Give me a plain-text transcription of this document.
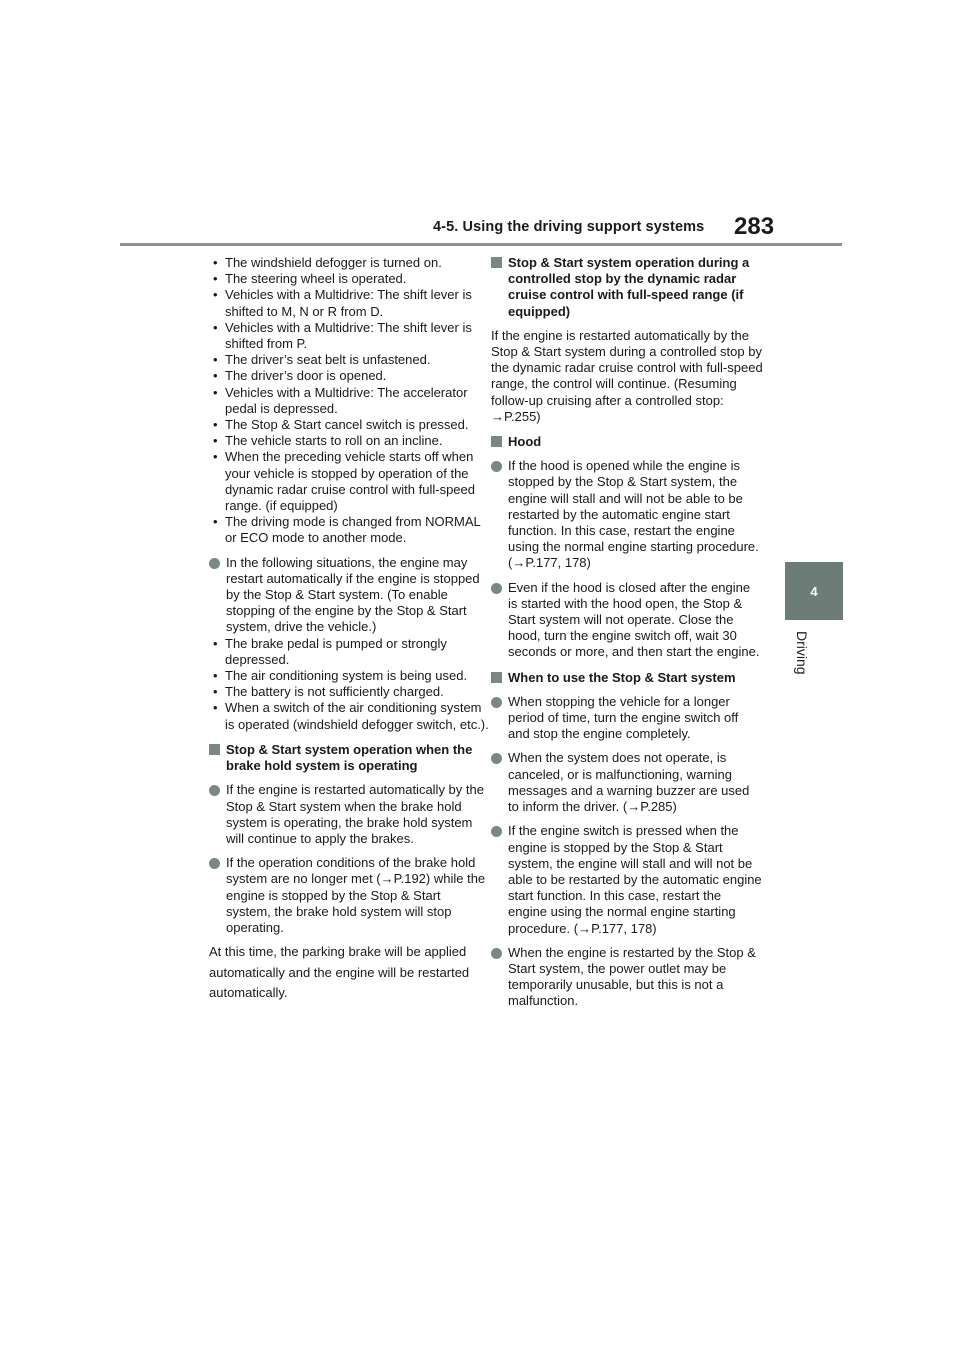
4-5. Using the driving support systems 283
4
Driving

• The windshield defogger is turned on.

• The steering wheel is operated.

• Vehicles with a Multidrive: The shift lever is shifted to M, N or R from D.

• Vehicles with a Multidrive: The shift lever is shifted from P.

• The driver’s seat belt is unfastened.

• The driver’s door is opened.

• Vehicles with a Multidrive: The accelerator pedal is depressed.

• The Stop & Start cancel switch is pressed.

• The vehicle starts to roll on an incline.

• When the preceding vehicle starts off when your vehicle is stopped by operation of the dynamic radar cruise control with full-speed range. (if equipped)

• The driving mode is changed from NORMAL or ECO mode to another mode.

In the following situations, the engine may restart automatically if the engine is stopped by the Stop & Start system. (To enable stopping of the engine by the Stop & Start system, drive the vehicle.)

• The brake pedal is pumped or strongly depressed.

• The air conditioning system is being used.

• The battery is not sufficiently charged.

• When a switch of the air conditioning system is operated (windshield defogger switch, etc.).

Stop & Start system operation when the brake hold system is operating

If the engine is restarted automatically by the Stop & Start system when the brake hold system is operating, the brake hold system will continue to apply the brakes.

If the operation conditions of the brake hold system are no longer met (→P.192) while the engine is stopped by the Stop & Start system, the brake hold system will stop operating.

At this time, the parking brake will be applied automatically and the engine will be restarted automatically.

Stop & Start system operation during a controlled stop by the dynamic radar cruise control with full-speed range (if equipped)

If the engine is restarted automatically by the Stop & Start system during a controlled stop by the dynamic radar cruise control with full-speed range, the control will continue. (Resuming follow-up cruising after a controlled stop: →P.255)

Hood

If the hood is opened while the engine is stopped by the Stop & Start system, the engine will stall and will not be able to be restarted by the automatic engine start function. In this case, restart the engine using the normal engine starting procedure. (→P.177, 178)

Even if the hood is closed after the engine is started with the hood open, the Stop & Start system will not operate. Close the hood, turn the engine switch off, wait 30 seconds or more, and then start the engine.

When to use the Stop & Start system

When stopping the vehicle for a longer period of time, turn the engine switch off and stop the engine completely.

When the system does not operate, is canceled, or is malfunctioning, warning messages and a warning buzzer are used to inform the driver. (→P.285)

If the engine switch is pressed when the engine is stopped by the Stop & Start system, the engine will stall and will not be able to be restarted by the automatic engine start function. In this case, restart the engine using the normal engine starting procedure. (→P.177, 178)

When the engine is restarted by the Stop & Start system, the power outlet may be temporarily unusable, but this is not a malfunction.
